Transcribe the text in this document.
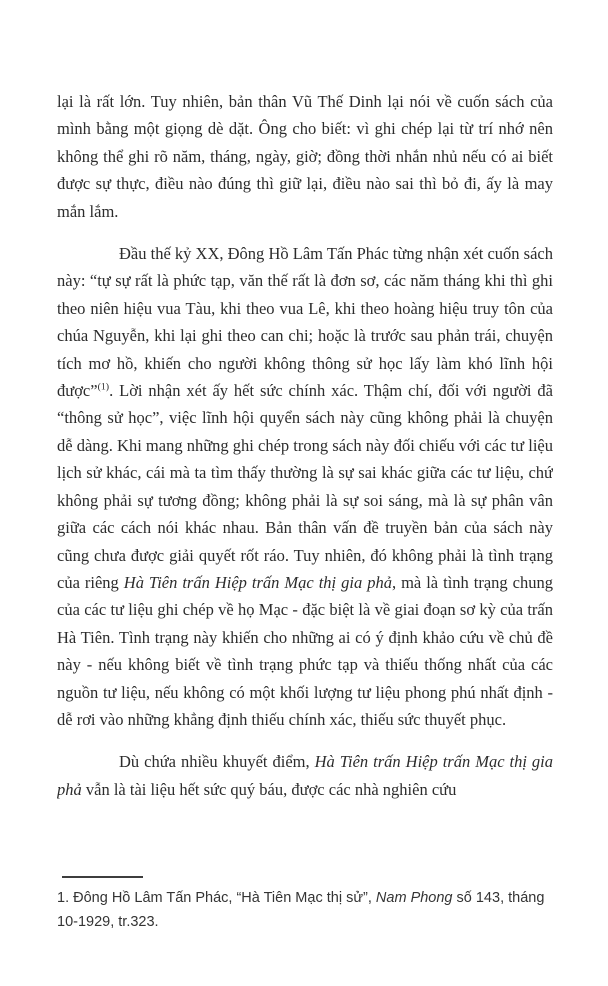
lại là rất lớn. Tuy nhiên, bản thân Vũ Thế Dinh lại nói về cuốn sách của mình bằng một giọng dè dặt. Ông cho biết: vì ghi chép lại từ trí nhớ nên không thể ghi rõ năm, tháng, ngày, giờ; đồng thời nhắn nhủ nếu có ai biết được sự thực, điều nào đúng thì giữ lại, điều nào sai thì bỏ đi, ấy là may mắn lắm.

Đầu thế kỷ XX, Đông Hồ Lâm Tấn Phác từng nhận xét cuốn sách này: “tự sự rất là phức tạp, văn thế rất là đơn sơ, các năm tháng khi thì ghi theo niên hiệu vua Tàu, khi theo vua Lê, khi theo hoàng hiệu truy tôn của chúa Nguyễn, khi lại ghi theo can chi; hoặc là trước sau phản trái, chuyện tích mơ hồ, khiến cho người không thông sử học lấy làm khó lĩnh hội được”$^{(1)}$. Lời nhận xét ấy hết sức chính xác. Thậm chí, đối với người đã “thông sử học”, việc lĩnh hội quyển sách này cũng không phải là chuyện dễ dàng. Khi mang những ghi chép trong sách này đối chiếu với các tư liệu lịch sử khác, cái mà ta tìm thấy thường là sự sai khác giữa các tư liệu, chứ không phải sự tương đồng; không phải là sự soi sáng, mà là sự phân vân giữa các cách nói khác nhau. Bản thân vấn đề truyền bản của sách này cũng chưa được giải quyết rốt ráo. Tuy nhiên, đó không phải là tình trạng của riêng Hà Tiên trấn Hiệp trấn Mạc thị gia phả, mà là tình trạng chung của các tư liệu ghi chép về họ Mạc - đặc biệt là về giai đoạn sơ kỳ của trấn Hà Tiên. Tình trạng này khiến cho những ai có ý định khảo cứu về chủ đề này - nếu không biết về tình trạng phức tạp và thiếu thống nhất của các nguồn tư liệu, nếu không có một khối lượng tư liệu phong phú nhất định - dễ rơi vào những khẳng định thiếu chính xác, thiếu sức thuyết phục.

Dù chứa nhiều khuyết điểm, Hà Tiên trấn Hiệp trấn Mạc thị gia phả vẫn là tài liệu hết sức quý báu, được các nhà nghiên cứu

1. Đông Hồ Lâm Tấn Phác, “Hà Tiên Mạc thị sử”, Nam Phong số 143, tháng 10-1929, tr.323.
